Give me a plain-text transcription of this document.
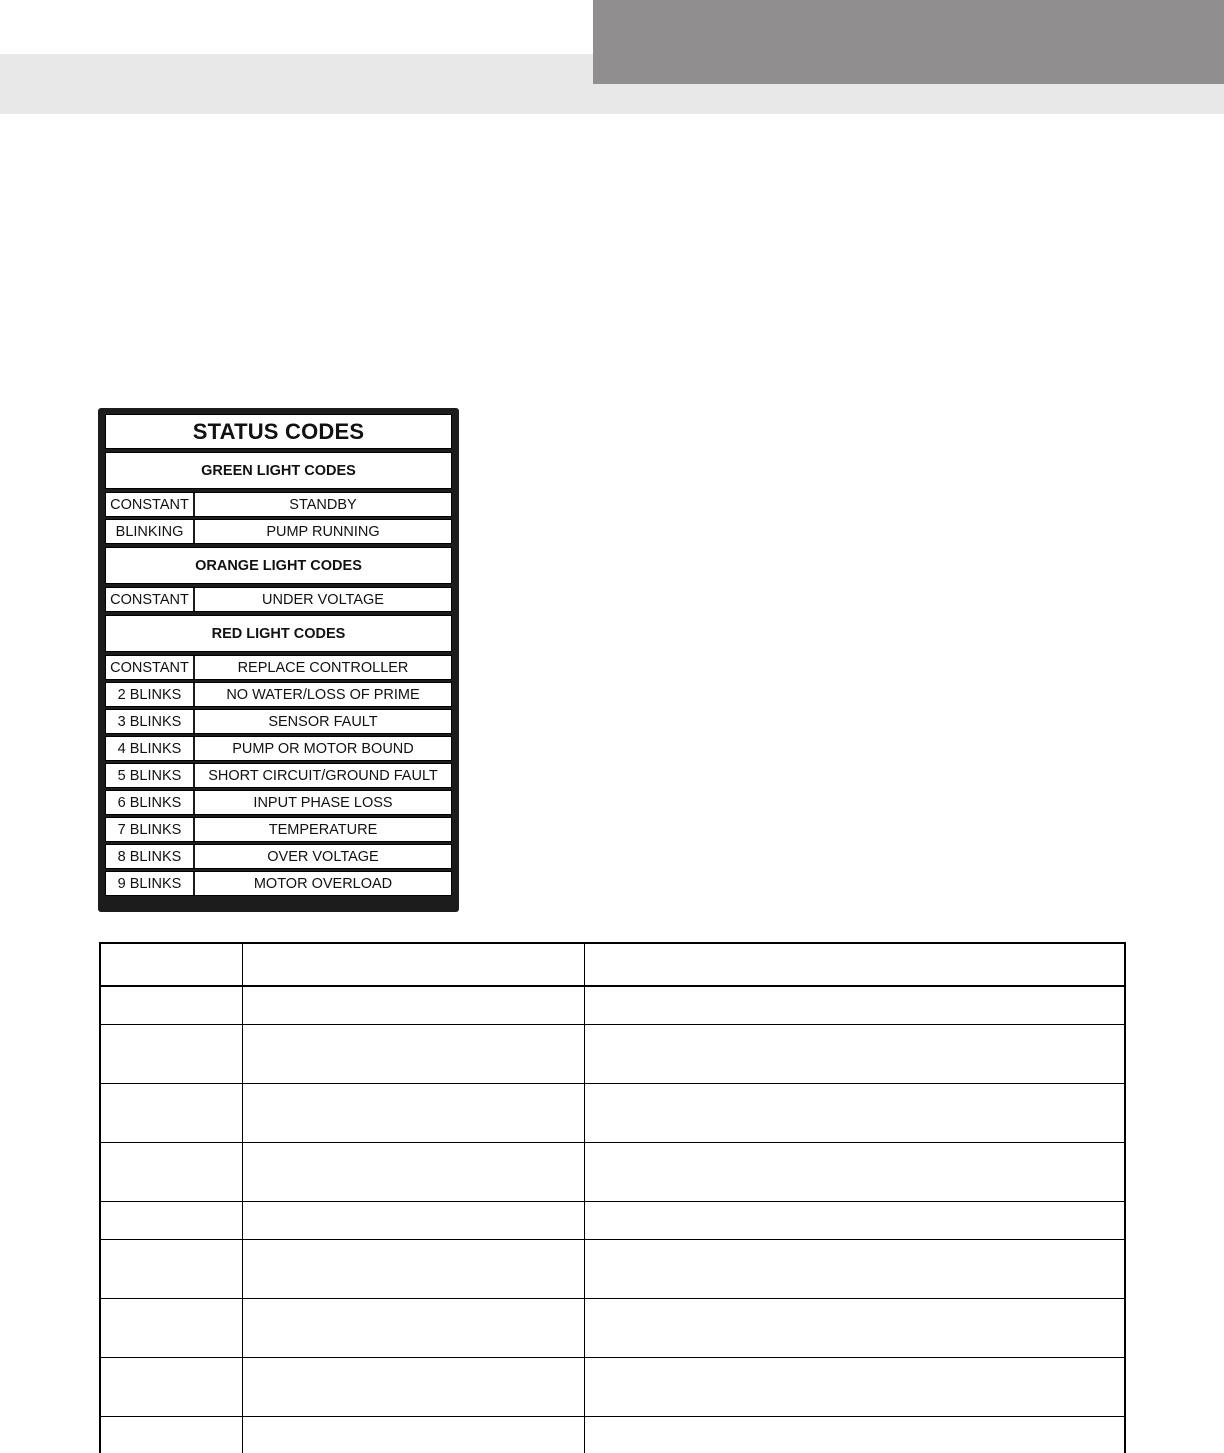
STATUS CODES
GREEN LIGHT CODES
CONSTANT	STANDBY
BLINKING	PUMP RUNNING
ORANGE LIGHT CODES
CONSTANT	UNDER VOLTAGE
RED LIGHT CODES
CONSTANT	REPLACE CONTROLLER
2 BLINKS	NO WATER/LOSS OF PRIME
3 BLINKS	SENSOR FAULT
4 BLINKS	PUMP OR MOTOR BOUND
5 BLINKS	SHORT CIRCUIT/GROUND FAULT
6 BLINKS	INPUT PHASE LOSS
7 BLINKS	TEMPERATURE
8 BLINKS	OVER VOLTAGE
9 BLINKS	MOTOR OVERLOAD
